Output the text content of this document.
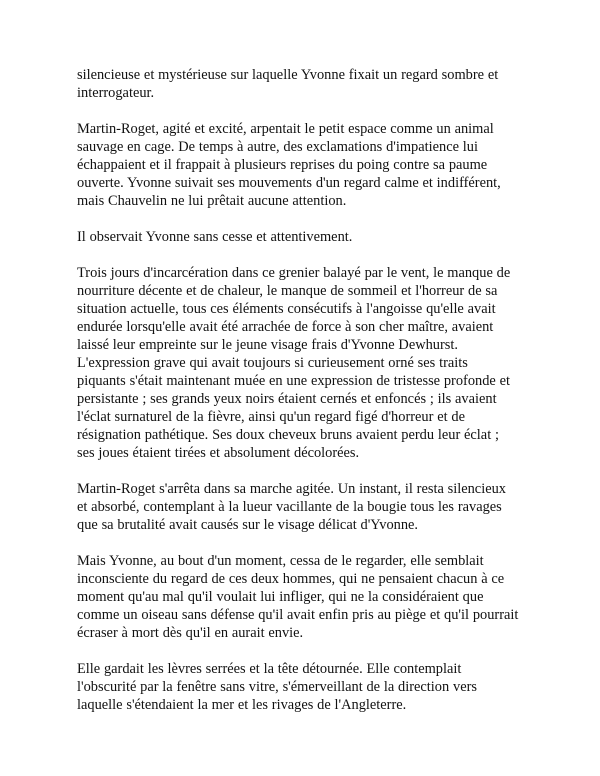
silencieuse et mystérieuse sur laquelle Yvonne fixait un regard sombre et
interrogateur.

Martin-Roget, agité et excité, arpentait le petit espace comme un animal
sauvage en cage. De temps à autre, des exclamations d'impatience lui
échappaient et il frappait à plusieurs reprises du poing contre sa paume
ouverte. Yvonne suivait ses mouvements d'un regard calme et indifférent,
mais Chauvelin ne lui prêtait aucune attention.

Il observait Yvonne sans cesse et attentivement.

Trois jours d'incarcération dans ce grenier balayé par le vent, le manque de
nourriture décente et de chaleur, le manque de sommeil et l'horreur de sa
situation actuelle, tous ces éléments consécutifs à l'angoisse qu'elle avait
endurée lorsqu'elle avait été arrachée de force à son cher maître, avaient
laissé leur empreinte sur le jeune visage frais d'Yvonne Dewhurst.
L'expression grave qui avait toujours si curieusement orné ses traits
piquants s'était maintenant muée en une expression de tristesse profonde et
persistante ; ses grands yeux noirs étaient cernés et enfoncés ; ils avaient
l'éclat surnaturel de la fièvre, ainsi qu'un regard figé d'horreur et de
résignation pathétique. Ses doux cheveux bruns avaient perdu leur éclat ;
ses joues étaient tirées et absolument décolorées.

Martin-Roget s'arrêta dans sa marche agitée. Un instant, il resta silencieux
et absorbé, contemplant à la lueur vacillante de la bougie tous les ravages
que sa brutalité avait causés sur le visage délicat d'Yvonne.

Mais Yvonne, au bout d'un moment, cessa de le regarder, elle semblait
inconsciente du regard de ces deux hommes, qui ne pensaient chacun à ce
moment qu'au mal qu'il voulait lui infliger, qui ne la considéraient que
comme un oiseau sans défense qu'il avait enfin pris au piège et qu'il pourrait
écraser à mort dès qu'il en aurait envie.

Elle gardait les lèvres serrées et la tête détournée. Elle contemplait
l'obscurité par la fenêtre sans vitre, s'émerveillant de la direction vers
laquelle s'étendaient la mer et les rivages de l'Angleterre.
